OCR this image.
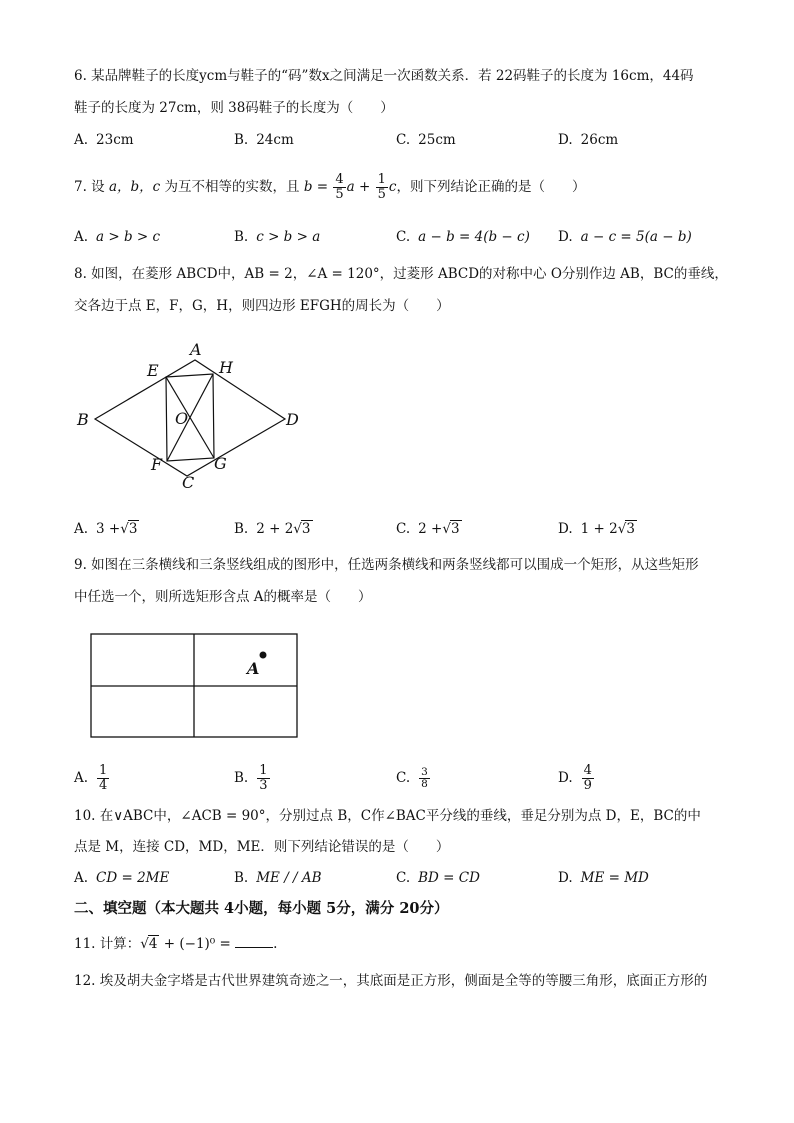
6. 某品牌鞋子的长度ycm与鞋子的“码”数x之间满足一次函数关系．若 22码鞋子的长度为 16cm，44码
鞋子的长度为 27cm，则 38码鞋子的长度为（　　）
A. 23cm	B. 24cm	C. 25cm	D. 26cm
7. 设 a，b，c 为互不相等的实数，且 $b = \frac{4}{5}$ $a + \frac{1}{5}$ c，则下列结论正确的是（　　）
A. a > b > c	B. c > b > a	C. a − b = 4(b − c) D. a − c = 5(a − b)
8. 如图，在菱形 ABCD中，AB = 2，∠A = 120°，过菱形 ABCD的对称中心 O分别作边 AB，BC的垂线，
交各边于点 E，F，G，H，则四边形 EFGH的周长为（　　）
A
B
C
D
E
F	G
H
O
A. 3 +√3	B. 2 + 2√3	C. 2 +√3	D. 1 + 2√3
9. 如图在三条横线和三条竖线组成的图形中，任选两条横线和两条竖线都可以围成一个矩形，从这些矩形
中任选一个，则所选矩形含点 A的概率是（　　）
A
A. $\frac{1}{4}$	B. $\frac{1}{3}$	C. $\frac{3}{8}$	D. $\frac{4}{9}$
10. 在∨ABC中，∠ACB = 90°，分别过点 B，C作∠BAC平分线的垂线，垂足分别为点 D，E，BC的中
点是 M，连接 CD，MD，ME．则下列结论错误的是（　　）
A. CD = 2ME	B. ME / / AB	C. BD = CD	D. ME = MD
二、填空题（本大题共 4小题，每小题 5分，满分 20分）
11. 计算：√4 + (−1)⁰ =	.
12. 埃及胡夫金字塔是古代世界建筑奇迹之一，其底面是正方形，侧面是全等的等腰三角形，底面正方形的
